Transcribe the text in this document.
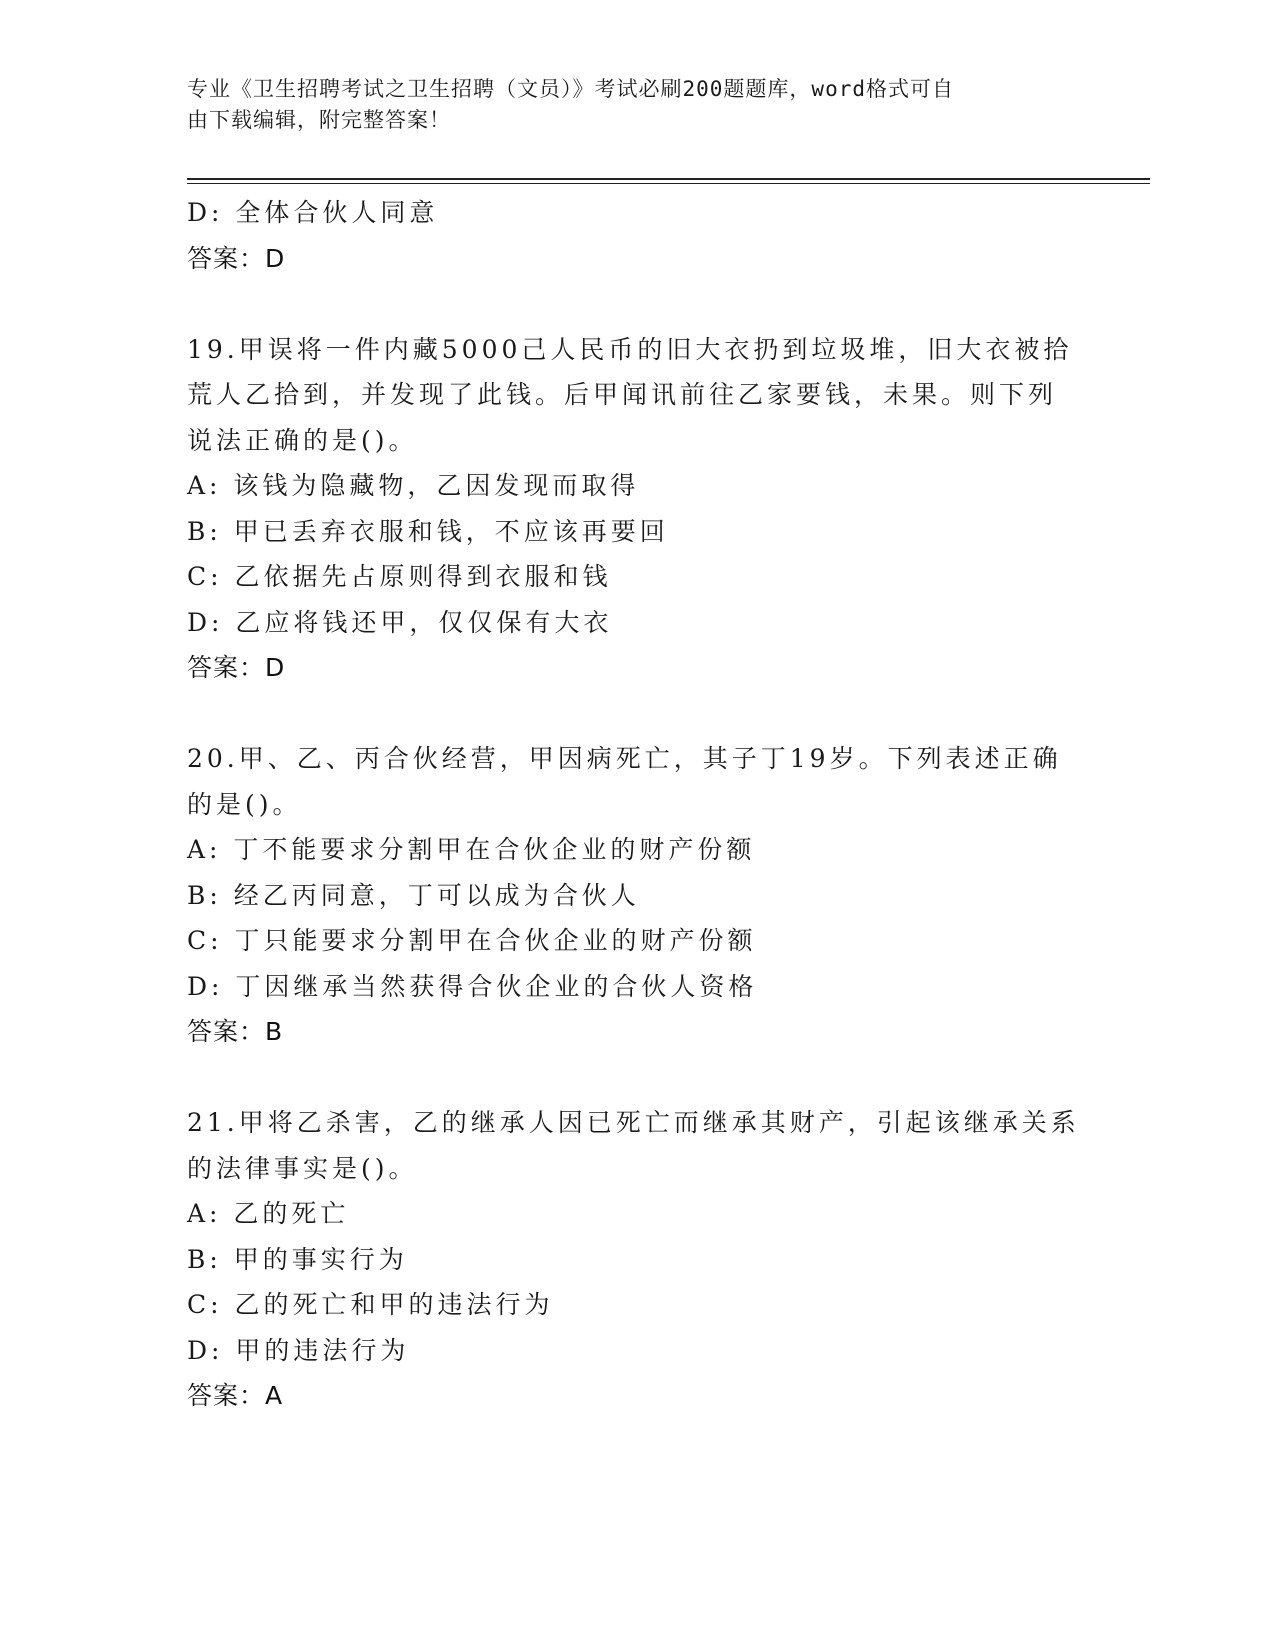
专业《卫生招聘考试之卫生招聘（文员）》考试必刷200题题库，word格式可自
由下载编辑，附完整答案！
D: 全体合伙人同意
答案：D
19.甲误将一件内藏5000己人民币的旧大衣扔到垃圾堆，旧大衣被拾
荒人乙拾到，并发现了此钱。后甲闻讯前往乙家要钱，未果。则下列
说法正确的是()。
A: 该钱为隐藏物，乙因发现而取得
B: 甲已丢弃衣服和钱，不应该再要回
C: 乙依据先占原则得到衣服和钱
D: 乙应将钱还甲，仅仅保有大衣
答案：D
20.甲、乙、丙合伙经营，甲因病死亡，其子丁19岁。下列表述正确
的是()。
A: 丁不能要求分割甲在合伙企业的财产份额
B: 经乙丙同意，丁可以成为合伙人
C: 丁只能要求分割甲在合伙企业的财产份额
D: 丁因继承当然获得合伙企业的合伙人资格
答案：B
21.甲将乙杀害，乙的继承人因已死亡而继承其财产，引起该继承关系
的法律事实是()。
A: 乙的死亡
B: 甲的事实行为
C: 乙的死亡和甲的违法行为
D: 甲的违法行为
答案：A
